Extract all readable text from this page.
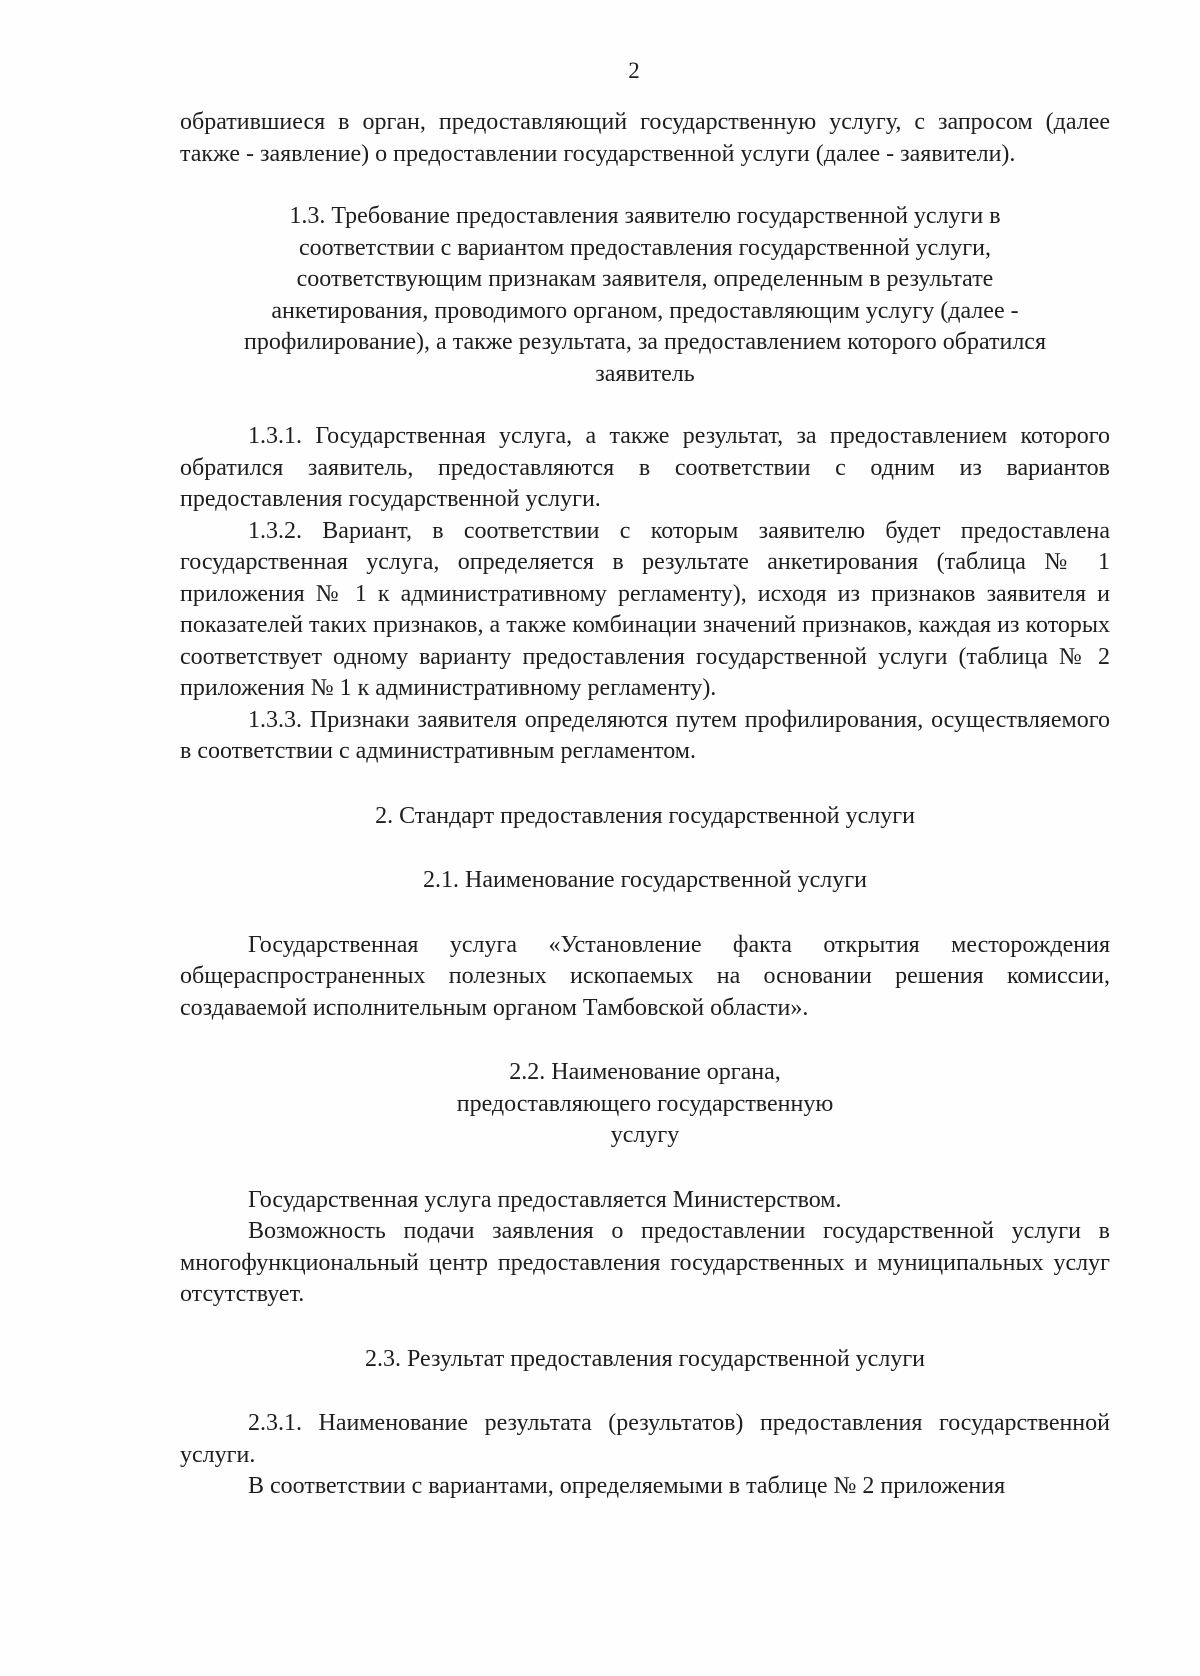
2

обратившиеся в орган, предоставляющий государственную услугу, с запросом (далее также - заявление) о предоставлении государственной услуги (далее - заявители).

1.3. Требование предоставления заявителю государственной услуги в соответствии с вариантом предоставления государственной услуги, соответствующим признакам заявителя, определенным в результате анкетирования, проводимого органом, предоставляющим услугу (далее - профилирование), а также результата, за предоставлением которого обратился заявитель

1.3.1. Государственная услуга, а также результат, за предоставлением которого обратился заявитель, предоставляются в соответствии с одним из вариантов предоставления государственной услуги.

1.3.2. Вариант, в соответствии с которым заявителю будет предоставлена государственная услуга, определяется в результате анкетирования (таблица № 1 приложения № 1 к административному регламенту), исходя из признаков заявителя и показателей таких признаков, а также комбинации значений признаков, каждая из которых соответствует одному варианту предоставления государственной услуги (таблица № 2 приложения № 1 к административному регламенту).

1.3.3. Признаки заявителя определяются путем профилирования, осуществляемого в соответствии с административным регламентом.

2. Стандарт предоставления государственной услуги

2.1. Наименование государственной услуги

Государственная услуга «Установление факта открытия месторождения общераспространенных полезных ископаемых на основании решения комиссии, создаваемой исполнительным органом Тамбовской области».

2.2. Наименование органа, предоставляющего государственную услугу

Государственная услуга предоставляется Министерством.

Возможность подачи заявления о предоставлении государственной услуги в многофункциональный центр предоставления государственных и муниципальных услуг отсутствует.

2.3. Результат предоставления государственной услуги

2.3.1. Наименование результата (результатов) предоставления государственной услуги.

В соответствии с вариантами, определяемыми в таблице № 2 приложения
